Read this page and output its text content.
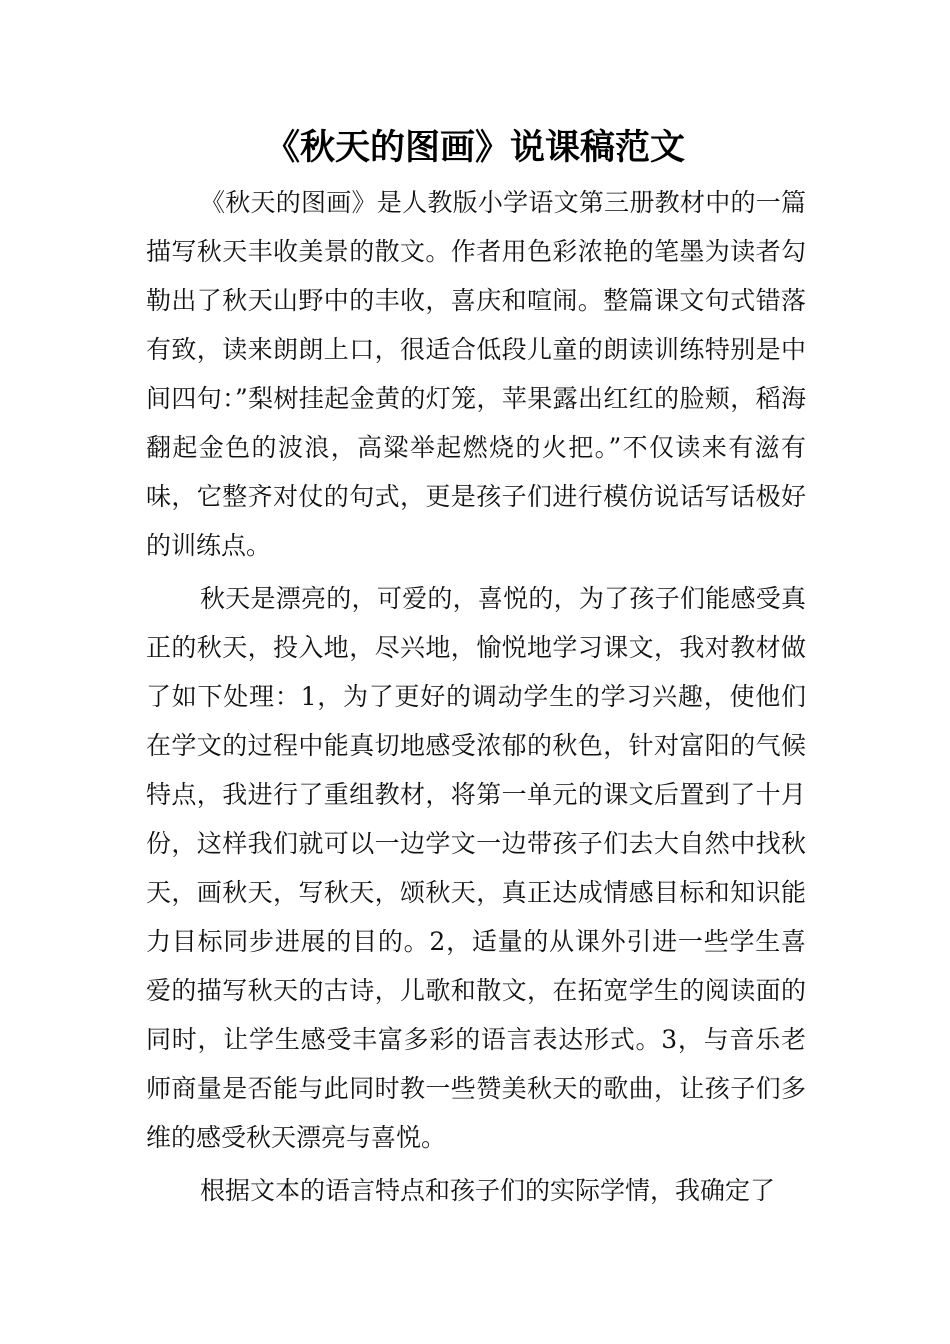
《秋天的图画》说课稿范文

《秋天的图画》是人教版小学语文第三册教材中的一篇描写秋天丰收美景的散文。作者用色彩浓艳的笔墨为读者勾勒出了秋天山野中的丰收，喜庆和喧闹。整篇课文句式错落有致，读来朗朗上口，很适合低段儿童的朗读训练特别是中间四句：”梨树挂起金黄的灯笼，苹果露出红红的脸颊，稻海翻起金色的波浪，高粱举起燃烧的火把。”不仅读来有滋有味，它整齐对仗的句式，更是孩子们进行模仿说话写话极好的训练点。

秋天是漂亮的，可爱的，喜悦的，为了孩子们能感受真正的秋天，投入地，尽兴地，愉悦地学习课文，我对教材做了如下处理：1，为了更好的调动学生的学习兴趣，使他们在学文的过程中能真切地感受浓郁的秋色，针对富阳的气候特点，我进行了重组教材，将第一单元的课文后置到了十月份，这样我们就可以一边学文一边带孩子们去大自然中找秋天，画秋天，写秋天，颂秋天，真正达成情感目标和知识能力目标同步进展的目的。2，适量的从课外引进一些学生喜爱的描写秋天的古诗，儿歌和散文，在拓宽学生的阅读面的同时，让学生感受丰富多彩的语言表达形式。3，与音乐老师商量是否能与此同时教一些赞美秋天的歌曲，让孩子们多维的感受秋天漂亮与喜悦。

根据文本的语言特点和孩子们的实际学情，我确定了
